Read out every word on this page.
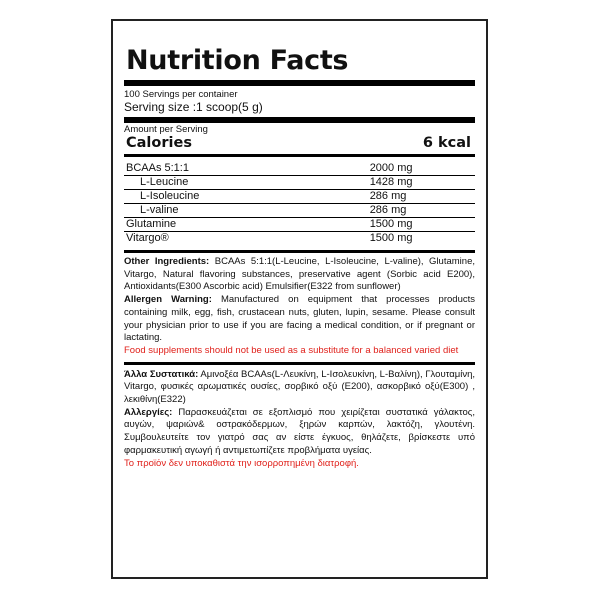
Nutrition Facts
100 Servings per container
Serving size :1 scoop(5 g)
Amount per Serving
Calories	6 kcal
BCAAs 5:1:1	2000 mg
L-Leucine	1428 mg
L-Isoleucine	286 mg
L-valine	286 mg
Glutamine	1500 mg
Vitargo®	1500 mg
Other Ingredients: BCAAs 5:1:1(L-Leucine, L-Isoleucine, L-valine), Glutamine, Vitargo, Natural flavoring substances, preservative agent (Sorbic acid E200), Antioxidants(E300 Ascorbic acid) Emulsifier(E322 from sunflower)
Allergen Warning: Manufactured on equipment that processes products containing milk, egg, fish, crustacean nuts, gluten, lupin, sesame. Please consult your physician prior to use if you are facing a medical condition, or if pregnant or lactating.
Food supplements should not be used as a substitute for a balanced varied diet
Άλλα Συστατικά: Αμινοξέα BCAAs(L-Λευκίνη, L-Ισολευκίνη, L-Βαλίνη), Γλουταμίνη, Vitargo, φυσικές αρωματικές ουσίες, σορβικό οξύ (E200), ασκορβικό οξύ(E300) , λεκιθίνη(E322)
Αλλεργίες: Παρασκευάζεται σε εξοπλισμό που χειρίζεται συστατικά γάλακτος, αυγών, ψαριών& οστρακόδερμων, ξηρών καρπών, λακτόζη, γλουτένη. Συμβουλευτείτε τον γιατρό σας αν είστε έγκυος, θηλάζετε, βρίσκεστε υπό φαρμακευτική αγωγή ή αντιμετωπίζετε προβλήματα υγείας.
Το προϊόν δεν υποκαθιστά την ισορροπημένη διατροφή.
